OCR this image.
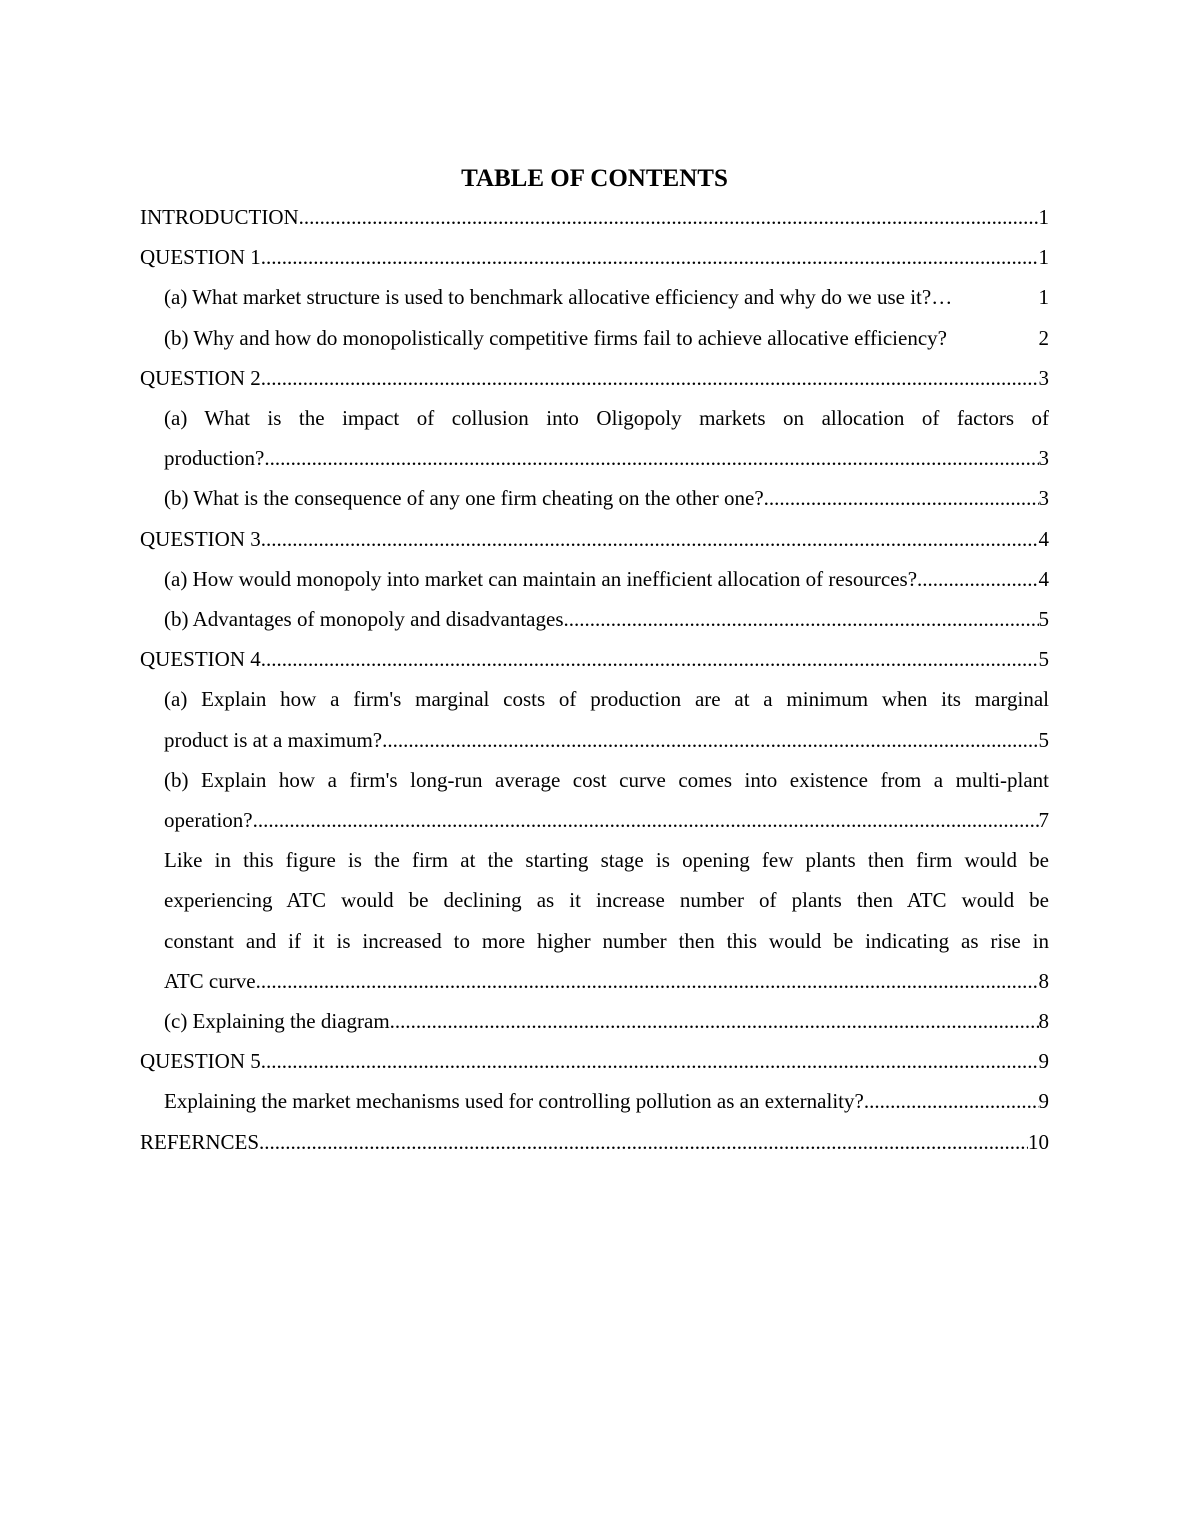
TABLE OF CONTENTS
INTRODUCTION .....	1
QUESTION 1 .....	1
(a) What market structure is used to benchmark allocative efficiency and why do we use it? …	1
(b) Why and how do monopolistically competitive firms fail to achieve allocative efficiency?	2
QUESTION 2 .....	3
(a) What is the impact of collusion into Oligopoly markets on allocation of factors of
production? .....	3
(b) What is the consequence of any one firm cheating on the other one? .....	3
QUESTION 3 .....	4
(a) How would monopoly into market can maintain an inefficient allocation of resources? .....	4
(b) Advantages of monopoly and disadvantages .....	5
QUESTION 4 .....	5
(a) Explain how a firm's marginal costs of production are at a minimum when its marginal
product is at a maximum? .....	5
(b) Explain how a firm's long-run average cost curve comes into existence from a multi-plant
operation? .....	7
Like in this figure is the firm at the starting stage is opening few plants then firm would be
experiencing ATC would be declining as it increase number of plants then ATC would be
constant and if it is increased to more higher number then this would be indicating as rise in
ATC curve .....	8
(c) Explaining the diagram .....	8
QUESTION 5 .....	9
Explaining the market mechanisms used for controlling pollution as an externality? .....	9
REFERNCES .....	10
